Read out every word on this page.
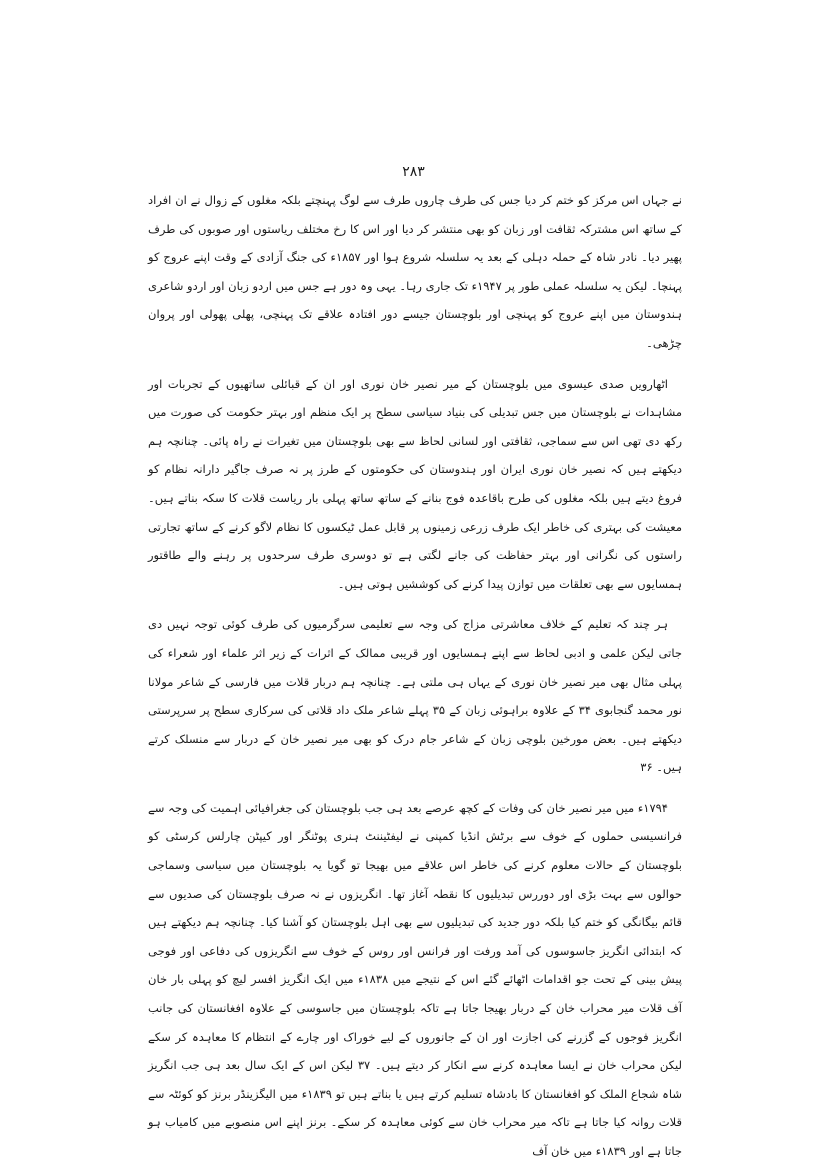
۲۸۳

نے جہاں اس مرکز کو ختم کر دیا جس کی طرف چاروں طرف سے لوگ پہنچتے بلکہ مغلوں کے زوال نے ان افراد کے ساتھ اس مشترکہ ثقافت اور زبان کو بھی منتشر کر دیا اور اس کا رخ مختلف ریاستوں اور صوبوں کی طرف پھیر دیا۔ نادر شاہ کے حملہ دہلی کے بعد یہ سلسلہ شروع ہوا اور ۱۸۵۷ء کی جنگ آزادی کے وقت اپنے عروج کو پہنچا۔ لیکن یہ سلسلہ عملی طور پر ۱۹۴۷ء تک جاری رہا۔ یہی وہ دور ہے جس میں اردو زبان اور اردو شاعری ہندوستان میں اپنے عروج کو پہنچی اور بلوچستان جیسے دور افتادہ علاقے تک پہنچی، پھلی پھولی اور پروان چڑھی۔

اٹھارویں صدی عیسوی میں بلوچستان کے میر نصیر خان نوری اور ان کے قبائلی ساتھیوں کے تجربات اور مشاہدات نے بلوچستان میں جس تبدیلی کی بنیاد سیاسی سطح پر ایک منظم اور بہتر حکومت کی صورت میں رکھ دی تھی اس سے سماجی، ثقافتی اور لسانی لحاظ سے بھی بلوچستان میں تغیرات نے راہ پائی۔ چنانچہ ہم دیکھتے ہیں کہ نصیر خان نوری ایران اور ہندوستان کی حکومتوں کے طرز پر نہ صرف جاگیر دارانہ نظام کو فروغ دیتے ہیں بلکہ مغلوں کی طرح باقاعدہ فوج بنانے کے ساتھ ساتھ پہلی بار ریاست قلات کا سکہ بناتے ہیں۔ معیشت کی بہتری کی خاطر ایک طرف زرعی زمینوں پر قابل عمل ٹیکسوں کا نظام لاگو کرنے کے ساتھ تجارتی راستوں کی نگرانی اور بہتر حفاظت کی جانے لگتی ہے تو دوسری طرف سرحدوں پر رہنے والے طاقتور ہمسایوں سے بھی تعلقات میں توازن پیدا کرنے کی کوششیں ہوتی ہیں۔

ہر چند کہ تعلیم کے خلاف معاشرتی مزاج کی وجہ سے تعلیمی سرگرمیوں کی طرف کوئی توجہ نہیں دی جاتی لیکن علمی و ادبی لحاظ سے اپنے ہمسایوں اور قریبی ممالک کے اثرات کے زیر اثر علماء اور شعراء کی پہلی مثال بھی میر نصیر خان نوری کے یہاں ہی ملتی ہے۔ چنانچہ ہم دربار قلات میں فارسی کے شاعر مولانا نور محمد گنجابوی ۳۴ کے علاوہ براہوئی زبان کے ۳۵ پہلے شاعر ملک داد قلاتی کی سرکاری سطح پر سرپرستی دیکھتے ہیں۔ بعض مورخین بلوچی زبان کے شاعر جام درک کو بھی میر نصیر خان کے دربار سے منسلک کرتے ہیں۔ ۳۶

۱۷۹۴ء میں میر نصیر خان کی وفات کے کچھ عرصے بعد ہی جب بلوچستان کی جغرافیائی اہمیت کی وجہ سے فرانسیسی حملوں کے خوف سے برٹش انڈیا کمپنی نے لیفٹیننٹ ہنری پوٹنگر اور کیپٹن چارلس کرسٹی کو بلوچستان کے حالات معلوم کرنے کی خاطر اس علاقے میں بھیجا تو گویا یہ بلوچستان میں سیاسی وسماجی حوالوں سے بہت بڑی اور دوررس تبدیلیوں کا نقطہ آغاز تھا۔ انگریزوں نے نہ صرف بلوچستان کی صدیوں سے قائم بیگانگی کو ختم کیا بلکہ دور جدید کی تبدیلیوں سے بھی اہل بلوچستان کو آشنا کیا۔ چنانچہ ہم دیکھتے ہیں کہ ابتدائی انگریز جاسوسوں کی آمد ورفت اور فرانس اور روس کے خوف سے انگریزوں کی دفاعی اور فوجی پیش بینی کے تحت جو اقدامات اٹھائے گئے اس کے نتیجے میں ۱۸۳۸ء میں ایک انگریز افسر لیچ کو پہلی بار خان آف قلات میر محراب خان کے دربار بھیجا جاتا ہے تاکہ بلوچستان میں جاسوسی کے علاوہ افغانستان کی جانب انگریز فوجوں کے گزرنے کی اجازت اور ان کے جانوروں کے لیے خوراک اور چارے کے انتظام کا معاہدہ کر سکے لیکن محراب خان نے ایسا معاہدہ کرنے سے انکار کر دیتے ہیں۔ ۳۷ لیکن اس کے ایک سال بعد ہی جب انگریز شاہ شجاع الملک کو افغانستان کا بادشاہ تسلیم کرتے ہیں یا بناتے ہیں تو ۱۸۳۹ء میں الیگزینڈر برنز کو کوئٹہ سے قلات روانہ کیا جاتا ہے تاکہ میر محراب خان سے کوئی معاہدہ کر سکے۔ برنز اپنے اس منصوبے میں کامیاب ہو جاتا ہے اور ۱۸۳۹ء میں خان آف
